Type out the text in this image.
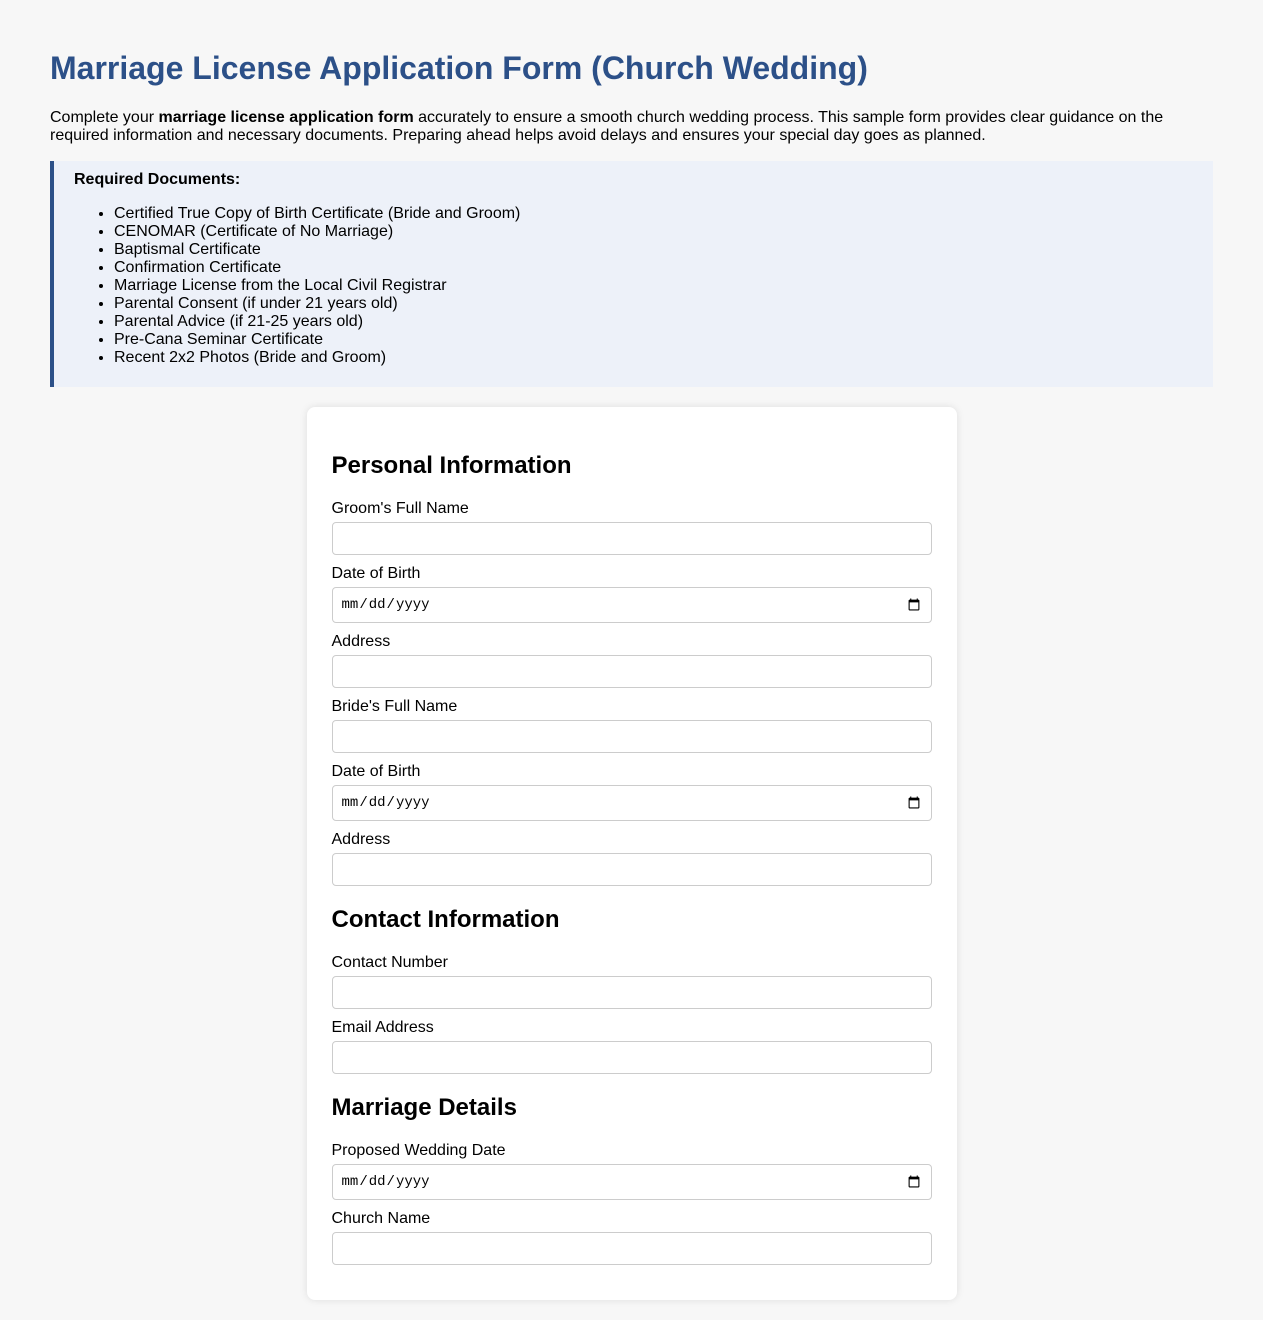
Marriage License Application Form (Church Wedding)

Complete your marriage license application form accurately to ensure a smooth church wedding process. This sample form provides clear guidance on the required information and necessary documents. Preparing ahead helps avoid delays and ensures your special day goes as planned.

Required Documents:

• Certified True Copy of Birth Certificate (Bride and Groom)
• CENOMAR (Certificate of No Marriage)
• Baptismal Certificate
• Confirmation Certificate
• Marriage License from the Local Civil Registrar
• Parental Consent (if under 21 years old)
• Parental Advice (if 21-25 years old)
• Pre-Cana Seminar Certificate
• Recent 2x2 Photos (Bride and Groom)
Personal Information
Groom's Full Name
Date of Birth
Address
Bride's Full Name
Date of Birth
Address
Contact Information
Contact Number
Email Address
Marriage Details
Proposed Wedding Date
Church Name
